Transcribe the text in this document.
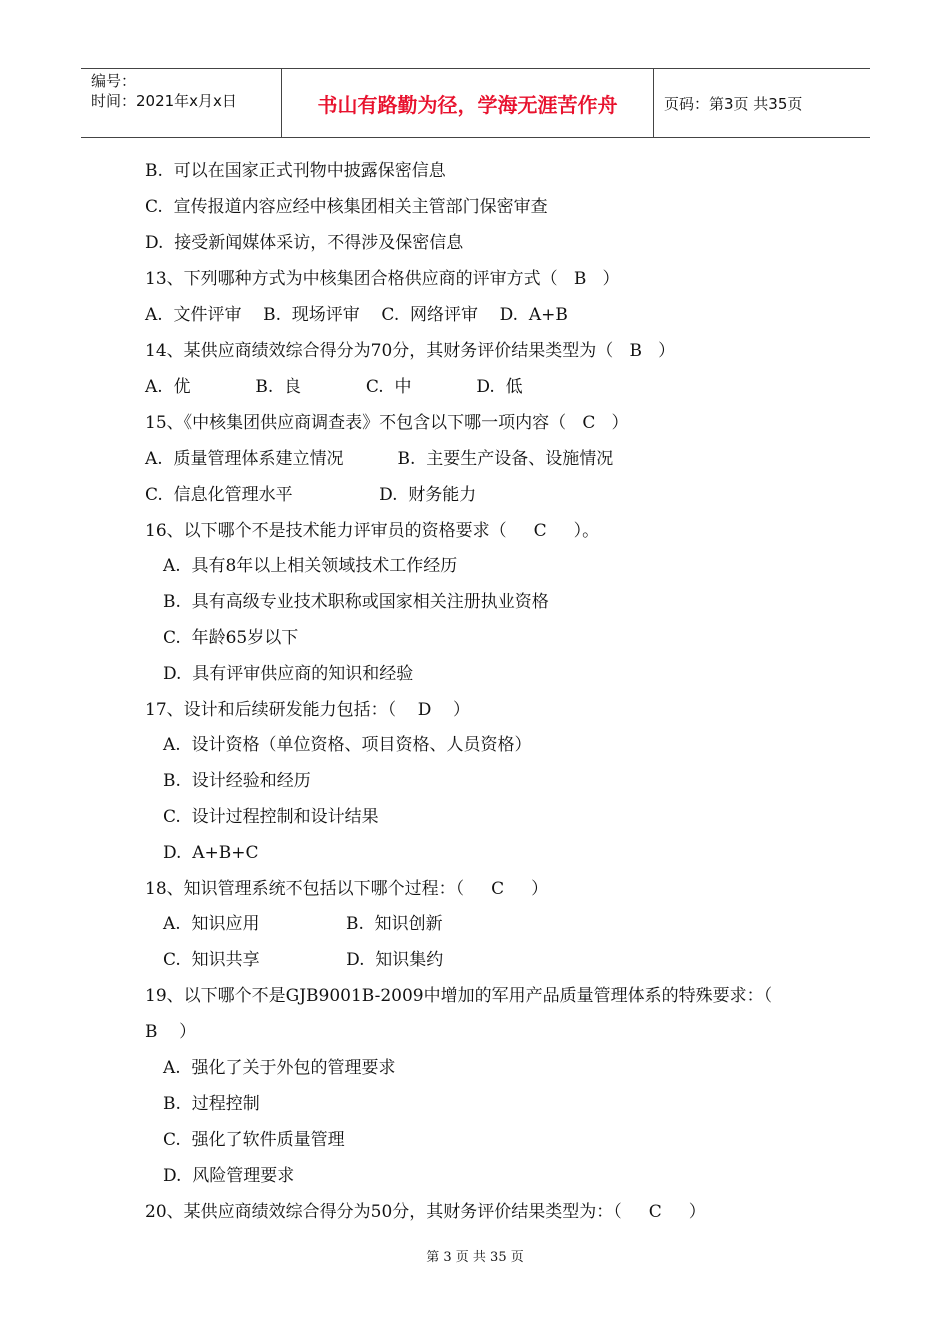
编号：
时间：2021年x月x日	书山有路勤为径，学海无涯苦作舟	页码：第3页 共35页
B.  可以在国家正式刊物中披露保密信息
C.  宣传报道内容应经中核集团相关主管部门保密审查
D.  接受新闻媒体采访，不得涉及保密信息
13、下列哪种方式为中核集团合格供应商的评审方式（   B   ）
A.  文件评审    B.  现场评审    C.  网络评审    D.  A+B
14、某供应商绩效综合得分为70分，其财务评价结果类型为（   B   ）
A.  优            B.  良            C.  中            D.  低
15、《中核集团供应商调查表》不包含以下哪一项内容（   C   ）
A.  质量管理体系建立情况          B.  主要生产设备、设施情况
C.  信息化管理水平                D.  财务能力
16、以下哪个不是技术能力评审员的资格要求（     C     ）。
A.  具有8年以上相关领域技术工作经历
B.  具有高级专业技术职称或国家相关注册执业资格
C.  年龄65岁以下
D.  具有评审供应商的知识和经验
17、设计和后续研发能力包括：（    D    ）
A.  设计资格（单位资格、项目资格、人员资格）
B.  设计经验和经历
C.  设计过程控制和设计结果
D.  A+B+C
18、知识管理系统不包括以下哪个过程：（     C     ）
A.  知识应用                B.  知识创新
C.  知识共享                D.  知识集约
19、以下哪个不是GJB9001B-2009中增加的军用产品质量管理体系的特殊要求：（
B    ）
A.  强化了关于外包的管理要求
B.  过程控制
C.  强化了软件质量管理
D.  风险管理要求
20、某供应商绩效综合得分为50分，其财务评价结果类型为：（     C     ）
第 3 页 共 35 页
